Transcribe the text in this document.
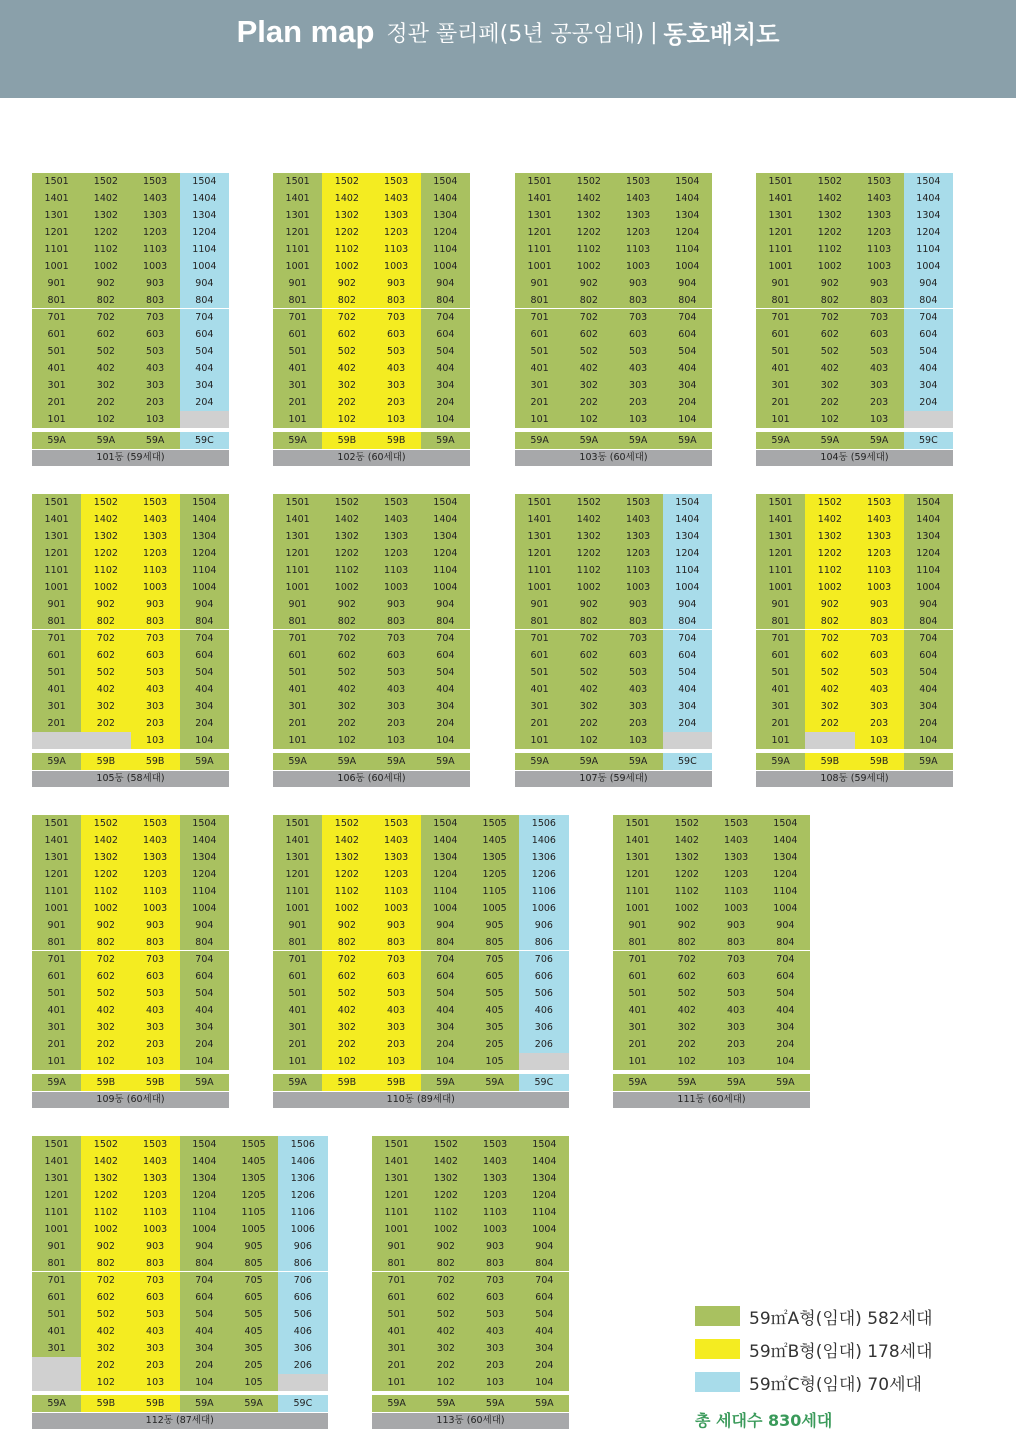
Plan map 정관 풀리페(5년 공공임대) | 동호배치도
1501
1401
1301
1201
1101
1001
901
801
701
601
501
401
301
201
101
59A
1502
1402
1302
1202
1102
1002
902
802
702
602
502
402
302
202
102
59A
1503
1403
1303
1203
1103
1003
903
803
703
603
503
403
303
203
103
59A
1504
1404
1304
1204
1104
1004
904
804
704
604
504
404
304
204
59C
101동 (59세대)
1501
1401
1301
1201
1101
1001
901
801
701
601
501
401
301
201
101
59A
1502
1402
1302
1202
1102
1002
902
802
702
602
502
402
302
202
102
59B
1503
1403
1303
1203
1103
1003
903
803
703
603
503
403
303
203
103
59B
1504
1404
1304
1204
1104
1004
904
804
704
604
504
404
304
204
104
59A
102동 (60세대)
1501
1401
1301
1201
1101
1001
901
801
701
601
501
401
301
201
101
59A
1502
1402
1302
1202
1102
1002
902
802
702
602
502
402
302
202
102
59A
1503
1403
1303
1203
1103
1003
903
803
703
603
503
403
303
203
103
59A
1504
1404
1304
1204
1104
1004
904
804
704
604
504
404
304
204
104
59A
103동 (60세대)
1501
1401
1301
1201
1101
1001
901
801
701
601
501
401
301
201
101
59A
1502
1402
1302
1202
1102
1002
902
802
702
602
502
402
302
202
102
59A
1503
1403
1303
1203
1103
1003
903
803
703
603
503
403
303
203
103
59A
1504
1404
1304
1204
1104
1004
904
804
704
604
504
404
304
204
59C
104동 (59세대)
1501
1401
1301
1201
1101
1001
901
801
701
601
501
401
301
201
59A
1502
1402
1302
1202
1102
1002
902
802
702
602
502
402
302
202
59B
1503
1403
1303
1203
1103
1003
903
803
703
603
503
403
303
203
103
59B
1504
1404
1304
1204
1104
1004
904
804
704
604
504
404
304
204
104
59A
105동 (58세대)
1501
1401
1301
1201
1101
1001
901
801
701
601
501
401
301
201
101
59A
1502
1402
1302
1202
1102
1002
902
802
702
602
502
402
302
202
102
59A
1503
1403
1303
1203
1103
1003
903
803
703
603
503
403
303
203
103
59A
1504
1404
1304
1204
1104
1004
904
804
704
604
504
404
304
204
104
59A
106동 (60세대)
1501
1401
1301
1201
1101
1001
901
801
701
601
501
401
301
201
101
59A
1502
1402
1302
1202
1102
1002
902
802
702
602
502
402
302
202
102
59A
1503
1403
1303
1203
1103
1003
903
803
703
603
503
403
303
203
103
59A
1504
1404
1304
1204
1104
1004
904
804
704
604
504
404
304
204
59C
107동 (59세대)
1501
1401
1301
1201
1101
1001
901
801
701
601
501
401
301
201
101
59A
1502
1402
1302
1202
1102
1002
902
802
702
602
502
402
302
202
59B
1503
1403
1303
1203
1103
1003
903
803
703
603
503
403
303
203
103
59B
1504
1404
1304
1204
1104
1004
904
804
704
604
504
404
304
204
104
59A
108동 (59세대)
1501
1401
1301
1201
1101
1001
901
801
701
601
501
401
301
201
101
59A
1502
1402
1302
1202
1102
1002
902
802
702
602
502
402
302
202
102
59B
1503
1403
1303
1203
1103
1003
903
803
703
603
503
403
303
203
103
59B
1504
1404
1304
1204
1104
1004
904
804
704
604
504
404
304
204
104
59A
109동 (60세대)
1501
1401
1301
1201
1101
1001
901
801
701
601
501
401
301
201
101
59A
1502
1402
1302
1202
1102
1002
902
802
702
602
502
402
302
202
102
59B
1503
1403
1303
1203
1103
1003
903
803
703
603
503
403
303
203
103
59B
1504
1404
1304
1204
1104
1004
904
804
704
604
504
404
304
204
104
59A
1505
1405
1305
1205
1105
1005
905
805
705
605
505
405
305
205
105
59A
1506
1406
1306
1206
1106
1006
906
806
706
606
506
406
306
206
59C
110동 (89세대)
1501
1401
1301
1201
1101
1001
901
801
701
601
501
401
301
201
101
59A
1502
1402
1302
1202
1102
1002
902
802
702
602
502
402
302
202
102
59A
1503
1403
1303
1203
1103
1003
903
803
703
603
503
403
303
203
103
59A
1504
1404
1304
1204
1104
1004
904
804
704
604
504
404
304
204
104
59A
111동 (60세대)
1501
1401
1301
1201
1101
1001
901
801
701
601
501
401
301
59A
1502
1402
1302
1202
1102
1002
902
802
702
602
502
402
302
202
102
59B
1503
1403
1303
1203
1103
1003
903
803
703
603
503
403
303
203
103
59B
1504
1404
1304
1204
1104
1004
904
804
704
604
504
404
304
204
104
59A
1505
1405
1305
1205
1105
1005
905
805
705
605
505
405
305
205
105
59A
1506
1406
1306
1206
1106
1006
906
806
706
606
506
406
306
206
59C
112동 (87세대)
1501
1401
1301
1201
1101
1001
901
801
701
601
501
401
301
201
101
59A
1502
1402
1302
1202
1102
1002
902
802
702
602
502
402
302
202
102
59A
1503
1403
1303
1203
1103
1003
903
803
703
603
503
403
303
203
103
59A
1504
1404
1304
1204
1104
1004
904
804
704
604
504
404
304
204
104
59A
113동 (60세대)
59㎡A형(임대) 582세대
59㎡B형(임대) 178세대
59㎡C형(임대) 70세대
총 세대수 830세대
